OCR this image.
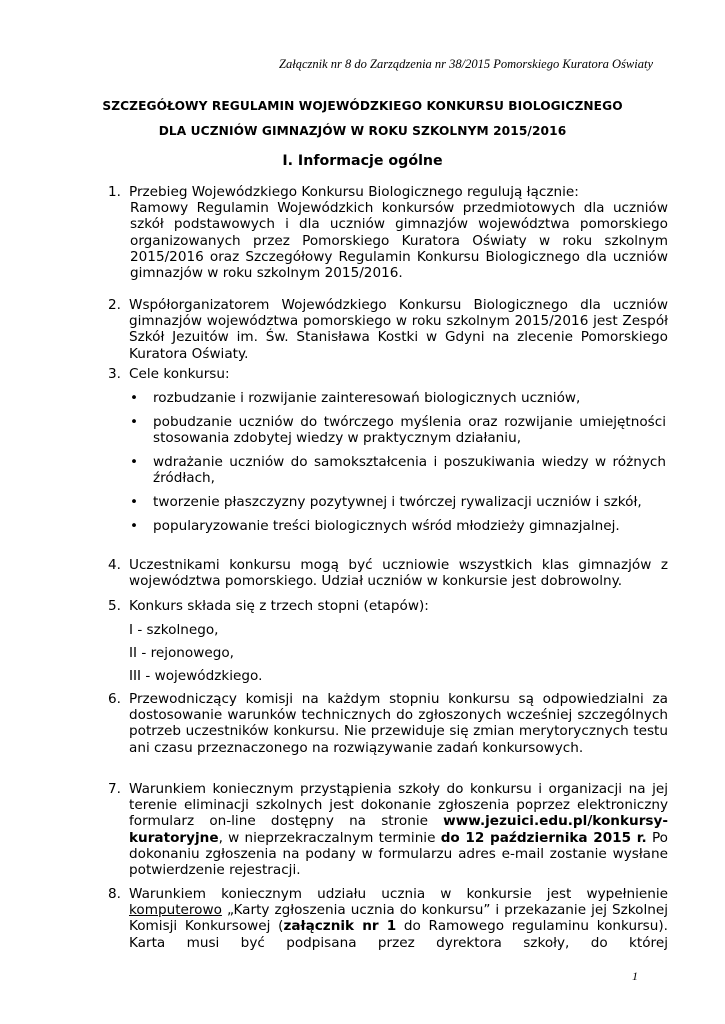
Załącznik nr 8 do Zarządzenia nr 38/2015 Pomorskiego Kuratora Oświaty
SZCZEGÓŁOWY REGULAMIN WOJEWÓDZKIEGO KONKURSU BIOLOGICZNEGO
DLA UCZNIÓW GIMNAZJÓW W ROKU SZKOLNYM 2015/2016
I. Informacje ogólne
1. Przebieg Wojewódzkiego Konkursu Biologicznego regulują łącznie:
Ramowy Regulamin Wojewódzkich konkursów przedmiotowych dla uczniów szkół podstawowych i dla uczniów gimnazjów województwa pomorskiego organizowanych przez Pomorskiego Kuratora Oświaty w roku szkolnym 2015/2016 oraz Szczegółowy Regulamin Konkursu Biologicznego dla uczniów gimnazjów w roku szkolnym 2015/2016.
2. Współorganizatorem Wojewódzkiego Konkursu Biologicznego dla uczniów gimnazjów województwa pomorskiego w roku szkolnym 2015/2016 jest Zespół Szkół Jezuitów im. Św. Stanisława Kostki w Gdyni na zlecenie Pomorskiego Kuratora Oświaty.
3. Cele konkursu:
•	rozbudzanie i rozwijanie zainteresowań biologicznych uczniów,
•	pobudzanie uczniów do twórczego myślenia oraz rozwijanie umiejętności stosowania zdobytej wiedzy w praktycznym działaniu,
•	wdrażanie uczniów do samokształcenia i poszukiwania wiedzy w różnych źródłach,
•	tworzenie płaszczyzny pozytywnej i twórczej rywalizacji uczniów i szkół,
•	popularyzowanie treści biologicznych wśród młodzieży gimnazjalnej.
4. Uczestnikami konkursu mogą być uczniowie wszystkich klas gimnazjów z województwa pomorskiego. Udział uczniów w konkursie jest dobrowolny.
5. Konkurs składa się z trzech stopni (etapów):
I - szkolnego,
II - rejonowego,
III - wojewódzkiego.
6. Przewodniczący komisji na każdym stopniu konkursu są odpowiedzialni za dostosowanie warunków technicznych do zgłoszonych wcześniej szczególnych potrzeb uczestników konkursu. Nie przewiduje się zmian merytorycznych testu ani czasu przeznaczonego na rozwiązywanie zadań konkursowych.
7. Warunkiem koniecznym przystąpienia szkoły do konkursu i organizacji na jej terenie eliminacji szkolnych jest dokonanie zgłoszenia poprzez elektroniczny formularz on-line dostępny na stronie www.jezuici.edu.pl/konkursy-kuratoryjne, w nieprzekraczalnym terminie do 12 października 2015 r. Po dokonaniu zgłoszenia na podany w formularzu adres e-mail zostanie wysłane potwierdzenie rejestracji.
8. Warunkiem koniecznym udziału ucznia w konkursie jest wypełnienie komputerowo „Karty zgłoszenia ucznia do konkursu” i przekazanie jej Szkolnej Komisji Konkursowej (załącznik nr 1 do Ramowego regulaminu konkursu). Karta musi być podpisana przez dyrektora szkoły, do której
1
